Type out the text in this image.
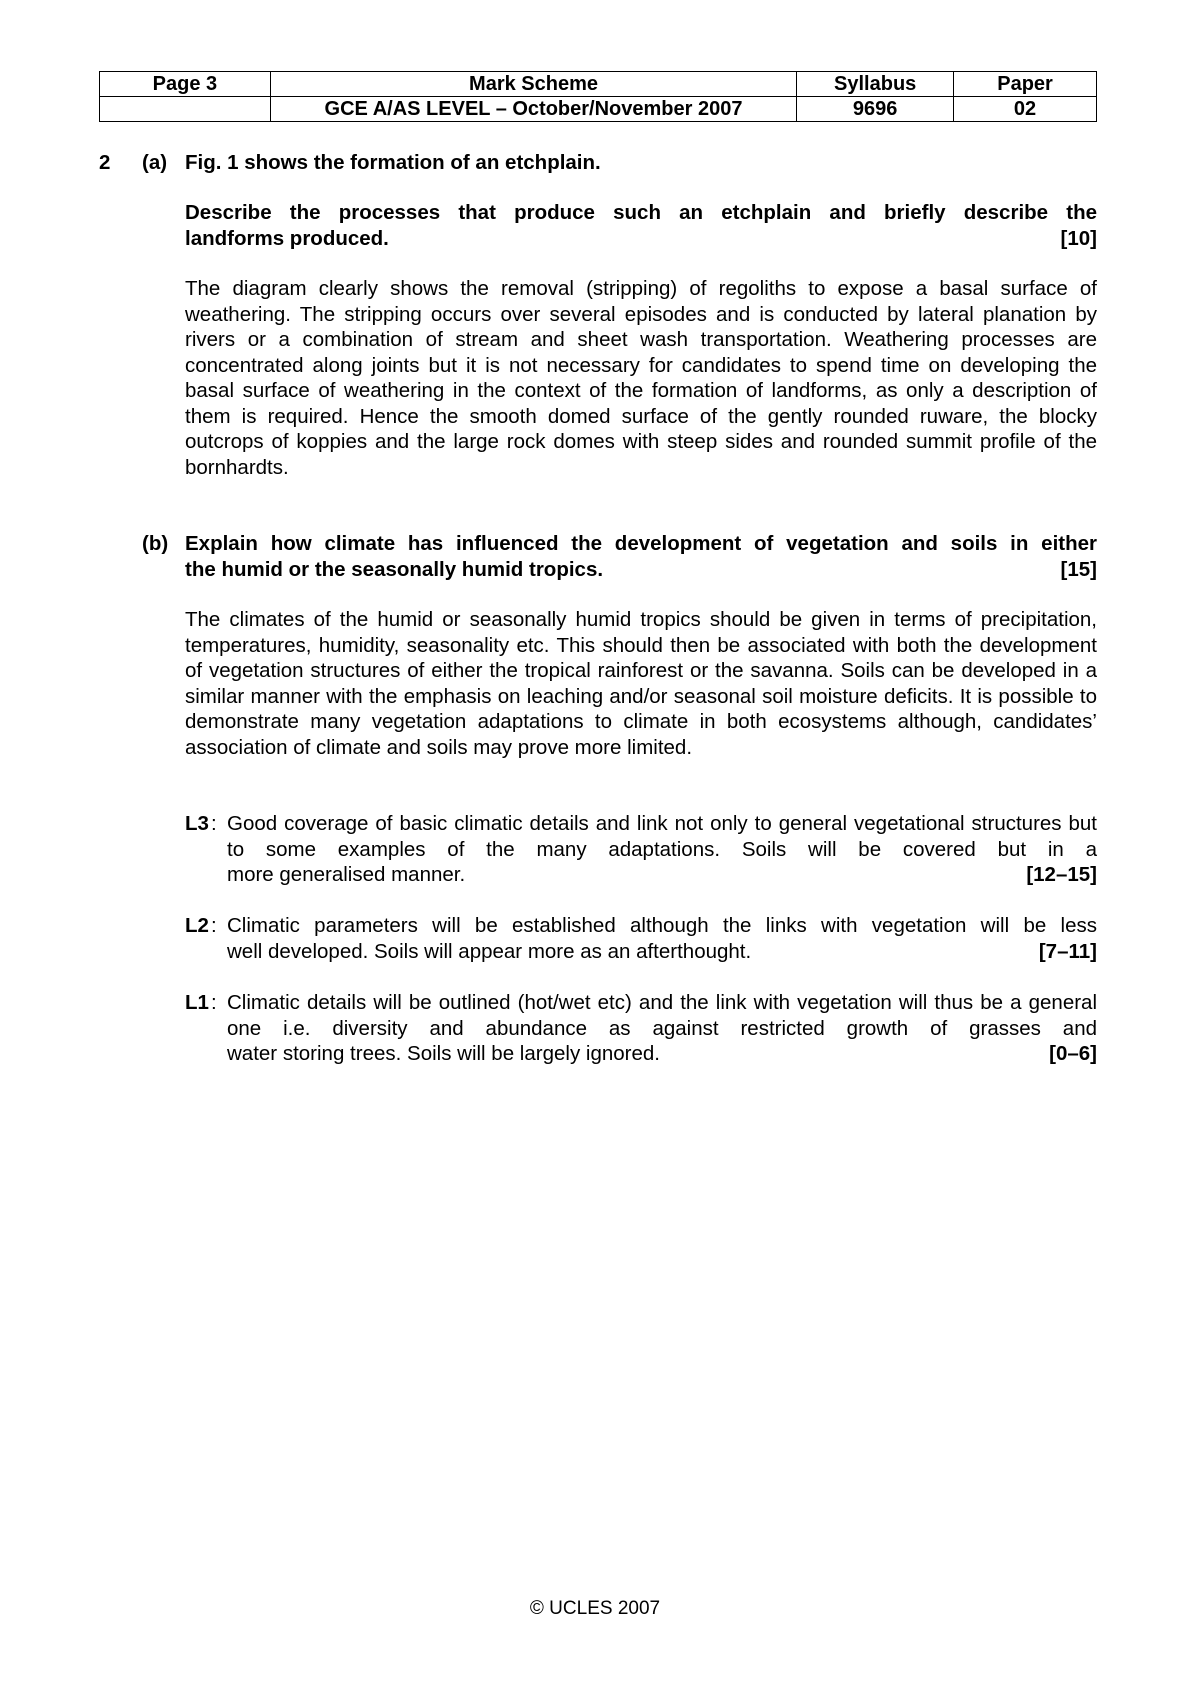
Page 3	Mark Scheme	Syllabus	Paper
	GCE A/AS LEVEL – October/November 2007	9696	02
2 (a) Fig. 1 shows the formation of an etchplain.
Describe the processes that produce such an etchplain and briefly describe the
landforms produced.	[10]
The diagram clearly shows the removal (stripping) of regoliths to expose a basal surface of weathering. The stripping occurs over several episodes and is conducted by lateral planation by rivers or a combination of stream and sheet wash transportation. Weathering processes are concentrated along joints but it is not necessary for candidates to spend time on developing the basal surface of weathering in the context of the formation of landforms, as only a description of them is required. Hence the smooth domed surface of the gently rounded ruware, the blocky outcrops of koppies and the large rock domes with steep sides and rounded summit profile of the bornhardts.
(b) Explain how climate has influenced the development of vegetation and soils in either
the humid or the seasonally humid tropics.	[15]
The climates of the humid or seasonally humid tropics should be given in terms of precipitation, temperatures, humidity, seasonality etc. This should then be associated with both the development of vegetation structures of either the tropical rainforest or the savanna. Soils can be developed in a similar manner with the emphasis on leaching and/or seasonal soil moisture deficits. It is possible to demonstrate many vegetation adaptations to climate in both ecosystems although, candidates’ association of climate and soils may prove more limited.
L3 : Good coverage of basic climatic details and link not only to general vegetational structures but to some examples of the many adaptations. Soils will be covered but in a
more generalised manner.	[12–15]
L2 : Climatic parameters will be established although the links with vegetation will be less
well developed. Soils will appear more as an afterthought.	[7–11]
L1 : Climatic details will be outlined (hot/wet etc) and the link with vegetation will thus be a general one i.e. diversity and abundance as against restricted growth of grasses and
water storing trees. Soils will be largely ignored.	[0–6]
© UCLES 2007
